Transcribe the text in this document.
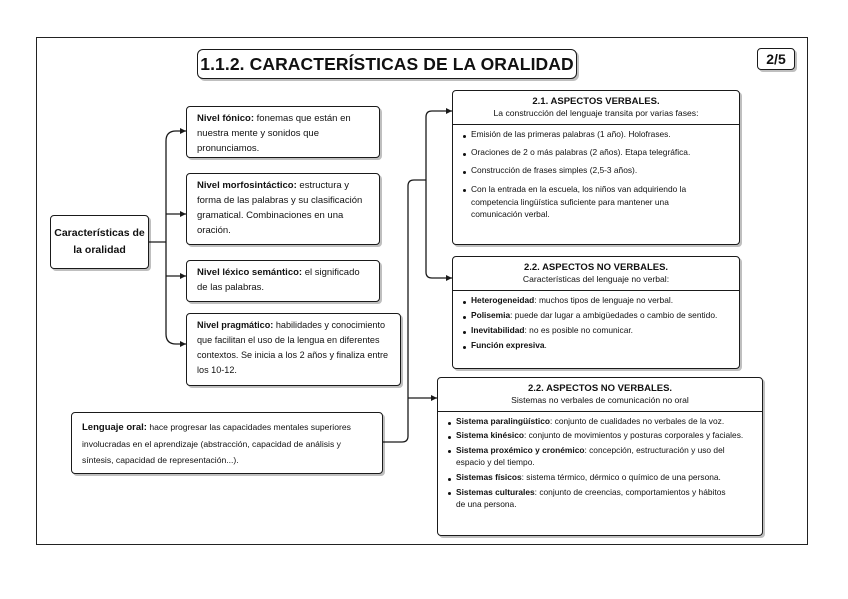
1.1.2. CARACTERÍSTICAS DE LA ORALIDAD	2/5
Características de la oralidad
Nivel fónico: fonemas que están en nuestra mente y sonidos que pronunciamos.
Nivel morfosintáctico: estructura y forma de las palabras y su clasificación gramatical. Combinaciones en una oración.
Nivel léxico semántico: el significado de las palabras.
Nivel pragmático: habilidades y conocimiento que facilitan el uso de la lengua en diferentes contextos. Se inicia a los 2 años y finaliza entre los 10-12.
Lenguaje oral: hace progresar las capacidades mentales superiores involucradas en el aprendizaje (abstracción, capacidad de análisis y síntesis, capacidad de representación...).
2.1. ASPECTOS VERBALES.
La construcción del lenguaje transita por varias fases:
Emisión de las primeras palabras (1 año). Holofrases.
Oraciones de 2 o más palabras (2 años). Etapa telegráfica.
Construcción de frases simples (2,5-3 años).
Con la entrada en la escuela, los niños van adquiriendo la competencia lingüística suficiente para mantener una comunicación verbal.
2.2. ASPECTOS NO VERBALES.
Características del lenguaje no verbal:
Heterogeneidad: muchos tipos de lenguaje no verbal.
Polisemia: puede dar lugar a ambigüedades o cambio de sentido.
Inevitabilidad: no es posible no comunicar.
Función expresiva.
2.2. ASPECTOS NO VERBALES.
Sistemas no verbales de comunicación no oral
Sistema paralingüístico: conjunto de cualidades no verbales de la voz.
Sistema kinésico: conjunto de movimientos y posturas corporales y faciales.
Sistema proxémico y cronémico: concepción, estructuración y uso del espacio y del tiempo.
Sistemas físicos: sistema térmico, dérmico o químico de una persona.
Sistemas culturales: conjunto de creencias, comportamientos y hábitos de una persona.
